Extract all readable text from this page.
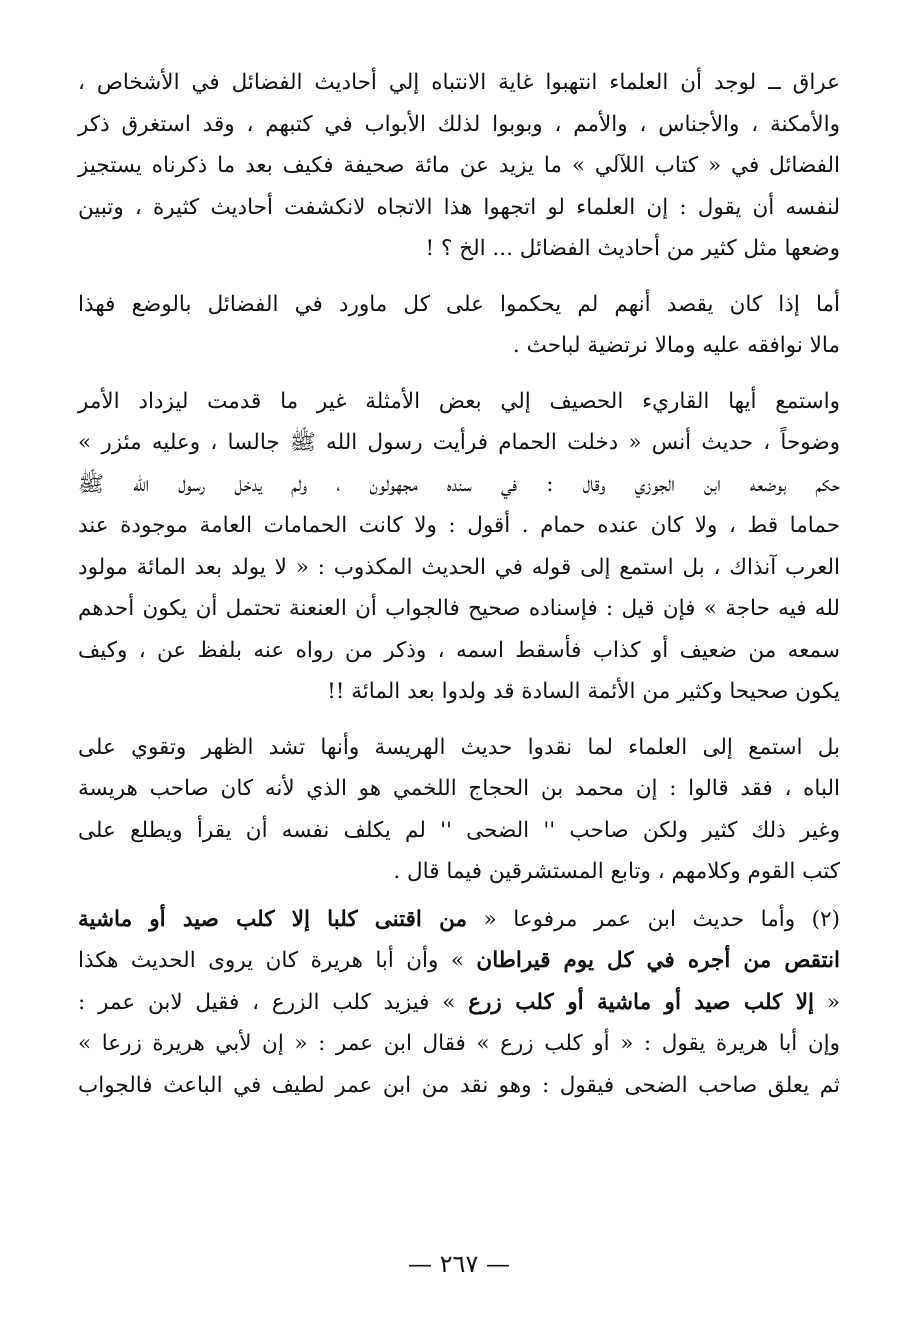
عراق ــ لوجد أن العلماء انتهبوا غاية الانتباه إلي أحاديث الفضائل في الأشخاص ،
والأمكنة ، والأجناس ، والأمم ، وبوبوا لذلك الأبواب في كتبهم ، وقد استغرق ذكر
الفضائل في « كتاب اللآلي » ما يزيد عن مائة صحيفة فكيف بعد ما ذكرناه يستجيز
لنفسه أن يقول : إن العلماء لو اتجهوا هذا الاتجاه لانكشفت أحاديث كثيرة ، وتبين
وضعها مثل كثير من أحاديث الفضائل ... الخ ؟ !

أما إذا كان يقصد أنهم لم يحكموا على كل ماورد في الفضائل بالوضع فهذا
مالا نوافقه عليه ومالا نرتضية لباحث .

واستمع أيها القاريء الحصيف إلي بعض الأمثلة غير ما قدمت ليزداد الأمر
وضوحاً ، حديث أنس « دخلت الحمام فرأيت رسول الله ﷺ جالسا ، وعليه مئزر »
حكم بوضعه ابن الجوزي وقال : في سنده مجهولون ، ولم يدخل رسول الله ﷺ
حماما قط ، ولا كان عنده حمام . أقول : ولا كانت الحمامات العامة موجودة عند
العرب آنذاك ، بل استمع إلى قوله في الحديث المكذوب : « لا يولد بعد المائة مولود
لله فيه حاجة » فإن قيل : فإسناده صحيح فالجواب أن العنعنة تحتمل أن يكون أحدهم
سمعه من ضعيف أو كذاب فأسقط اسمه ، وذكر من رواه عنه بلفظ عن ، وكيف
يكون صحيحا وكثير من الأئمة السادة قد ولدوا بعد المائة !!

بل استمع إلى العلماء لما نقدوا حديث الهريسة وأنها تشد الظهر وتقوي على
الباه ، فقد قالوا : إن محمد بن الحجاج اللخمي هو الذي لأنه كان صاحب هريسة
وغير ذلك كثير ولكن صاحب '' الضحى '' لم يكلف نفسه أن يقرأ ويطلع على
كتب القوم وكلامهم ، وتابع المستشرقين فيما قال .

(٢) وأما حديث ابن عمر مرفوعا « من اقتنى كلبا إلا كلب صيد أو ماشية
انتقص من أجره في كل يوم قيراطان » وأن أبا هريرة كان يروى الحديث هكذا
« إلا كلب صيد أو ماشية أو كلب زرع » فيزيد كلب الزرع ، فقيل لابن عمر :
وإن أبا هريرة يقول : « أو كلب زرع » فقال ابن عمر : « إن لأبي هريرة زرعا »
ثم يعلق صاحب الضحى فيقول : وهو نقد من ابن عمر لطيف في الباعث فالجواب

— ٢٦٧ —
